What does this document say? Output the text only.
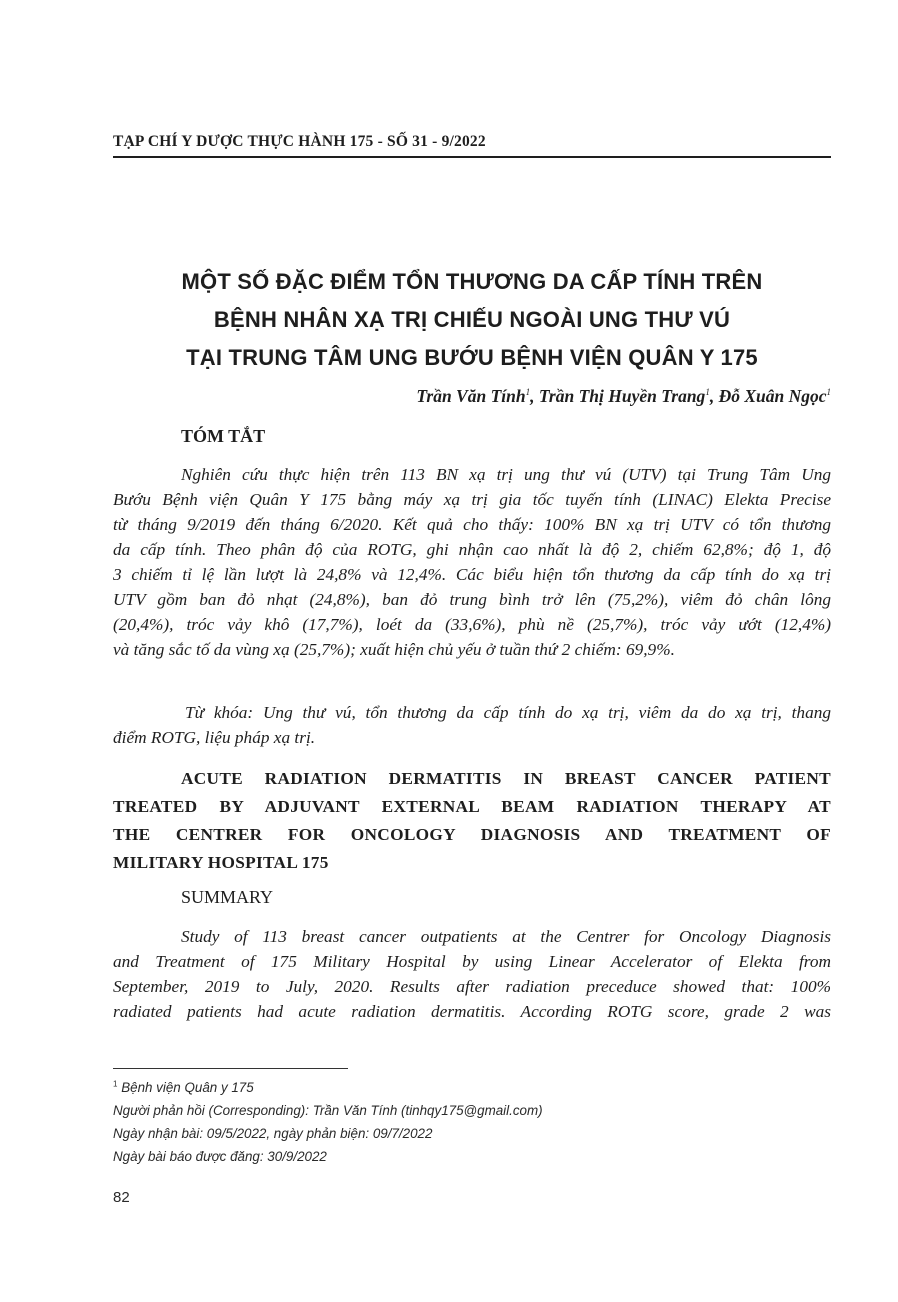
TẠP CHÍ Y DƯỢC THỰC HÀNH 175 - SỐ 31 - 9/2022
MỘT SỐ ĐẶC ĐIỂM TỔN THƯƠNG DA CẤP TÍNH TRÊN
BỆNH NHÂN XẠ TRỊ CHIẾU NGOÀI UNG THƯ VÚ
TẠI TRUNG TÂM UNG BƯỚU BỆNH VIỆN QUÂN Y 175
Trần Văn Tính$^1$, Trần Thị Huyền Trang$^1$, Đỗ Xuân Ngọc$^1$
TÓM TẮT
Nghiên cứu thực hiện trên 113 BN xạ trị ung thư vú (UTV) tại Trung Tâm Ung
Bướu Bệnh viện Quân Y 175 bằng máy xạ trị gia tốc tuyến tính (LINAC) Elekta Precise
từ tháng 9/2019 đến tháng 6/2020. Kết quả cho thấy: 100% BN xạ trị UTV có tổn thương
da cấp tính. Theo phân độ của ROTG, ghi nhận cao nhất là độ 2, chiếm 62,8%; độ 1, độ
3 chiếm tỉ lệ lần lượt là 24,8% và 12,4%. Các biểu hiện tổn thương da cấp tính do xạ trị
UTV gồm ban đỏ nhạt (24,8%), ban đỏ trung bình trở lên (75,2%), viêm đỏ chân lông
(20,4%), tróc vảy khô (17,7%), loét da (33,6%), phù nề (25,7%), tróc vảy ướt (12,4%)
và tăng sắc tố da vùng xạ (25,7%); xuất hiện chủ yếu ở tuần thứ 2 chiếm: 69,9%.
Từ khóa: Ung thư vú, tổn thương da cấp tính do xạ trị, viêm da do xạ trị, thang
điểm ROTG, liệu pháp xạ trị.
ACUTE RADIATION DERMATITIS IN BREAST CANCER PATIENT
TREATED BY ADJUVANT EXTERNAL BEAM RADIATION THERAPY AT
THE CENTRER FOR ONCOLOGY DIAGNOSIS AND TREATMENT OF
MILITARY HOSPITAL 175
SUMMARY
Study of 113 breast cancer outpatients at the Centrer for Oncology Diagnosis
and Treatment of 175 Military Hospital by using Linear Accelerator of Elekta from
September, 2019 to July, 2020. Results after radiation preceduce showed that: 100%
radiated patients had acute radiation dermatitis. According ROTG score, grade 2 was
$^1$ Bệnh viện Quân y 175
Người phản hồi (Corresponding): Trần Văn Tính (tinhqy175@gmail.com)
Ngày nhận bài: 09/5/2022, ngày phản biện: 09/7/2022
Ngày bài báo được đăng: 30/9/2022
82
